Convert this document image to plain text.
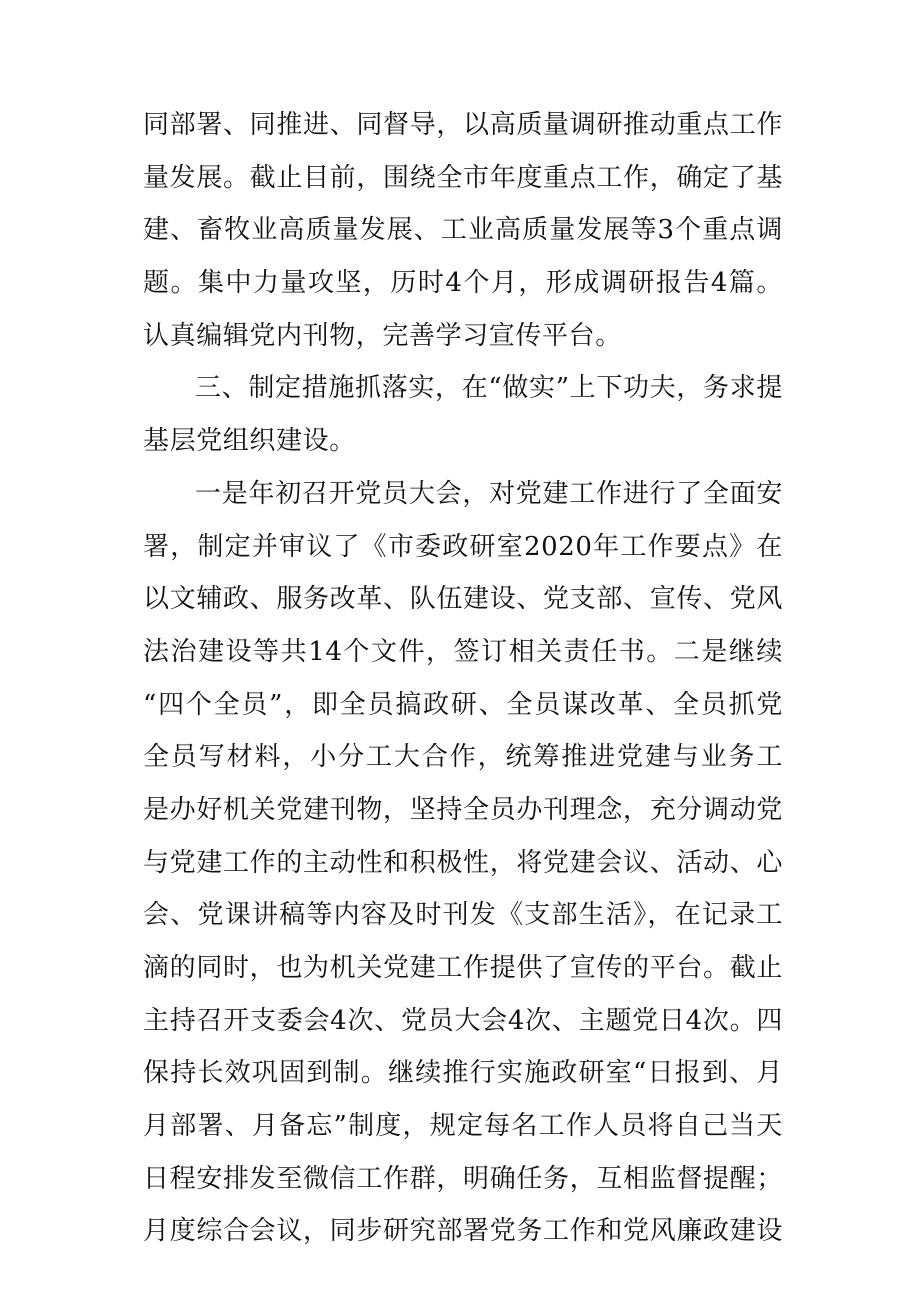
同部署、同推进、同督导，以高质量调研推动重点工作
量发展。截止目前，围绕全市年度重点工作，确定了基
建、畜牧业高质量发展、工业高质量发展等3个重点调
题。集中力量攻坚，历时4个月，形成调研报告4篇。
认真编辑党内刊物，完善学习宣传平台。
三、制定措施抓落实，在“做实”上下功夫，务求提
基层党组织建设。
一是年初召开党员大会，对党建工作进行了全面安
署，制定并审议了《市委政研室2020年工作要点》在
以文辅政、服务改革、队伍建设、党支部、宣传、党风
法治建设等共14个文件，签订相关责任书。二是继续
“四个全员”，即全员搞政研、全员谋改革、全员抓党
全员写材料，小分工大合作，统筹推进党建与业务工
是办好机关党建刊物，坚持全员办刊理念，充分调动党
与党建工作的主动性和积极性，将党建会议、活动、心
会、党课讲稿等内容及时刊发《支部生活》，在记录工
滴的同时，也为机关党建工作提供了宣传的平台。截止
主持召开支委会4次、党员大会4次、主题党日4次。四
保持长效巩固到制。继续推行实施政研室“日报到、月
月部署、月备忘”制度，规定每名工作人员将自己当天
日程安排发至微信工作群，明确任务，互相监督提醒；
月度综合会议，同步研究部署党务工作和党风廉政建设
